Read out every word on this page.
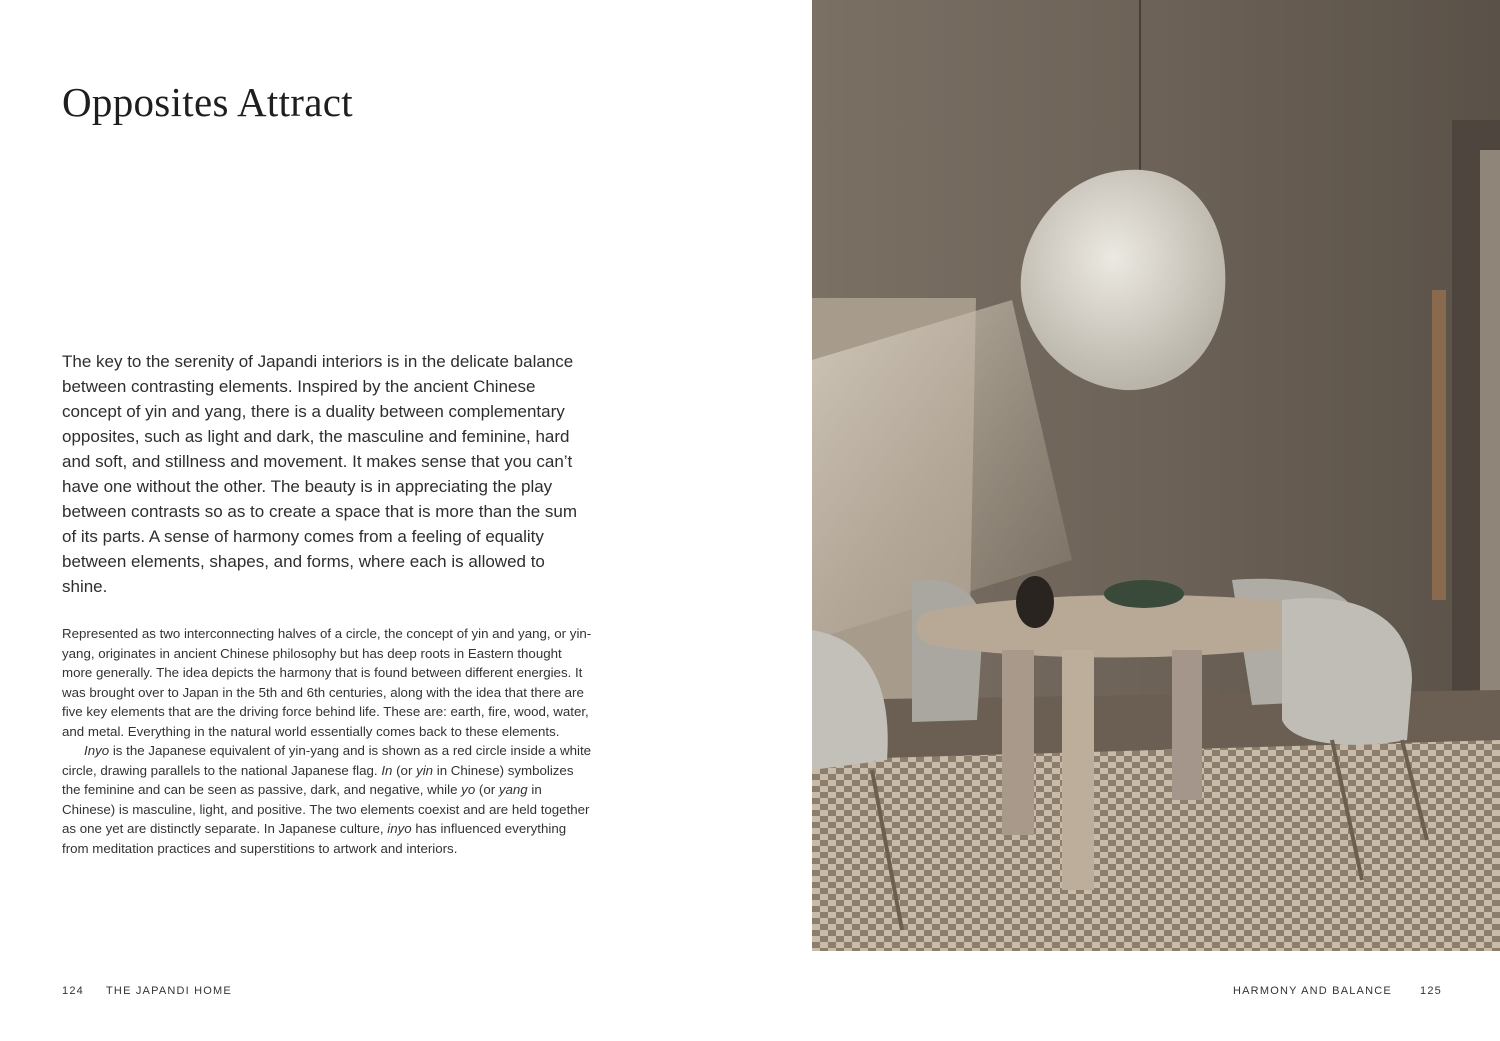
Opposites Attract

The key to the serenity of Japandi interiors is in the delicate balance between contrasting elements. Inspired by the ancient Chinese concept of yin and yang, there is a duality between complementary opposites, such as light and dark, the masculine and feminine, hard and soft, and stillness and movement. It makes sense that you can’t have one without the other. The beauty is in appreciating the play between contrasts so as to create a space that is more than the sum of its parts. A sense of harmony comes from a feeling of equality between elements, shapes, and forms, where each is allowed to shine.

Represented as two interconnecting halves of a circle, the concept of yin and yang, or yin-yang, originates in ancient Chinese philosophy but has deep roots in Eastern thought more generally. The idea depicts the harmony that is found between different energies. It was brought over to Japan in the 5th and 6th centuries, along with the idea that there are five key elements that are the driving force behind life. These are: earth, fire, wood, water, and metal. Everything in the natural world essentially comes back to these elements.

Inyo is the Japanese equivalent of yin-yang and is shown as a red circle inside a white circle, drawing parallels to the national Japanese flag. In (or yin in Chinese) symbolizes the feminine and can be seen as passive, dark, and negative, while yo (or yang in Chinese) is masculine, light, and positive. The two elements coexist and are held together as one yet are distinctly separate. In Japanese culture, inyo has influenced everything from meditation practices and superstitions to artwork and interiors.

124 THE JAPANDI HOME	HARMONY AND BALANCE	125
